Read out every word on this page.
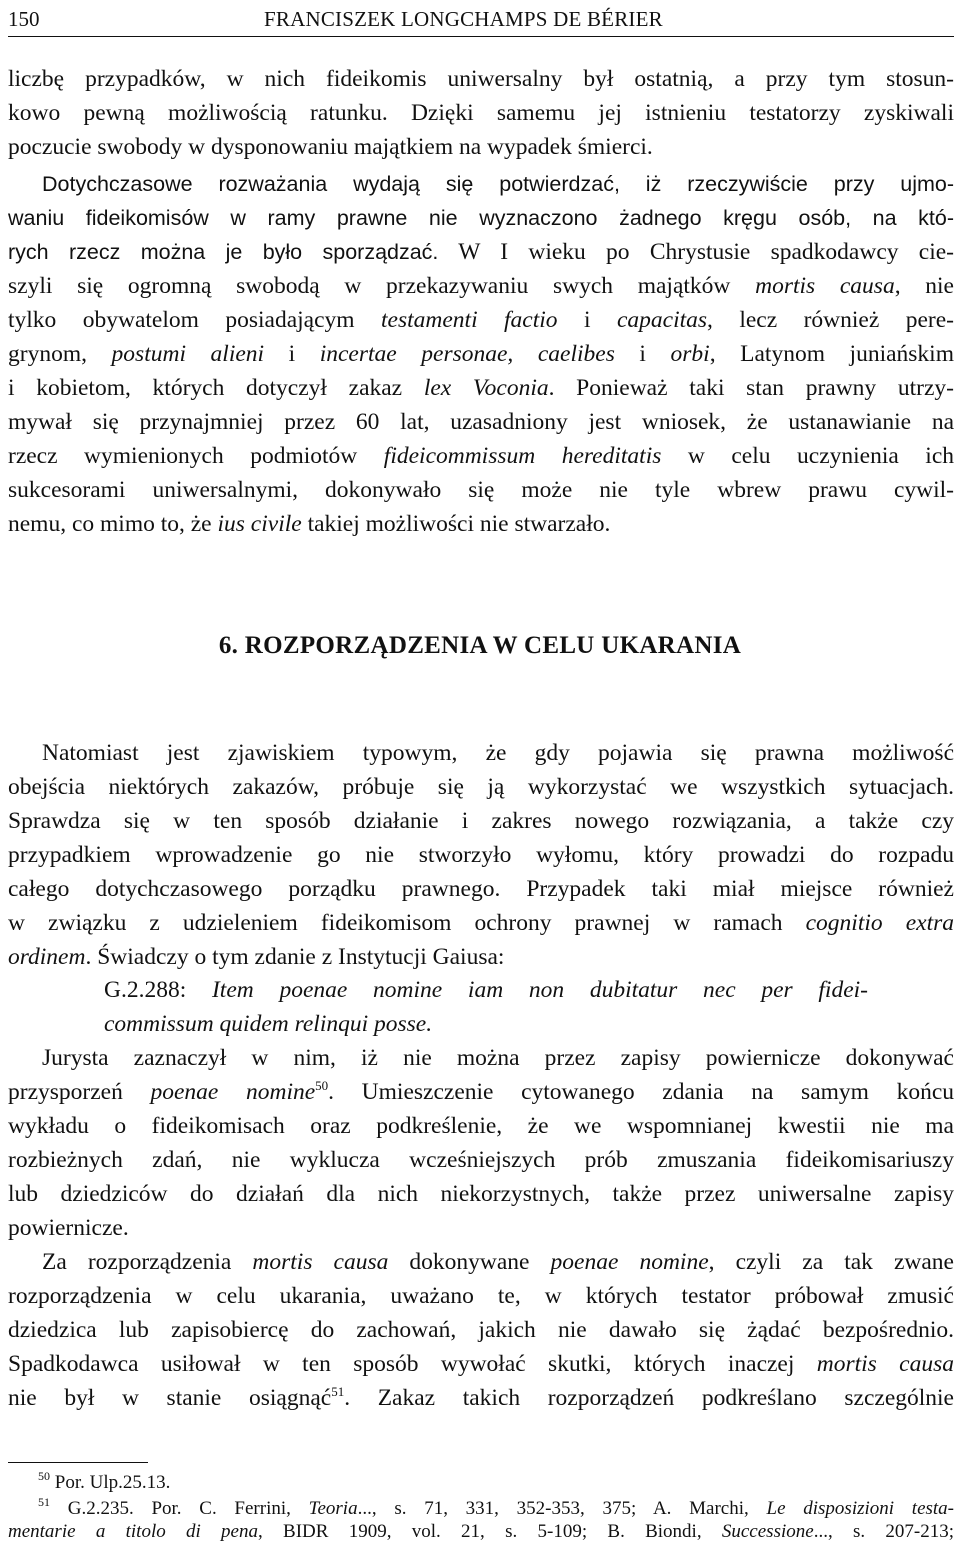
150	FRANCISZEK LONGCHAMPS DE BÉRIER
liczbę przypadków, w nich fideikomis uniwersalny był ostatnią, a przy tym stosun-
kowo pewną możliwością ratunku. Dzięki samemu jej istnieniu testatorzy zyskiwali
poczucie swobody w dysponowaniu majątkiem na wypadek śmierci.
Dotychczasowe rozważania wydają się potwierdzać, iż rzeczywiście przy ujmo-
waniu fideikomisów w ramy prawne nie wyznaczono żadnego kręgu osób, na któ-
rych rzecz można je było sporządzać. W I wieku po Chrystusie spadkodawcy cie-
szyli się ogromną swobodą w przekazywaniu swych majątków mortis causa, nie
tylko obywatelom posiadającym testamenti factio i capacitas, lecz również pere-
grynom, postumi alieni i incertae personae, caelibes i orbi, Latynom juniańskim
i kobietom, których dotyczył zakaz lex Voconia. Ponieważ taki stan prawny utrzy-
mywał się przynajmniej przez 60 lat, uzasadniony jest wniosek, że ustanawianie na
rzecz wymienionych podmiotów fideicommissum hereditatis w celu uczynienia ich
sukcesorami uniwersalnymi, dokonywało się może nie tyle wbrew prawu cywil-
nemu, co mimo to, że ius civile takiej możliwości nie stwarzało.
6. ROZPORZĄDZENIA W CELU UKARANIA
Natomiast jest zjawiskiem typowym, że gdy pojawia się prawna możliwość
obejścia niektórych zakazów, próbuje się ją wykorzystać we wszystkich sytuacjach.
Sprawdza się w ten sposób działanie i zakres nowego rozwiązania, a także czy
przypadkiem wprowadzenie go nie stworzyło wyłomu, który prowadzi do rozpadu
całego dotychczasowego porządku prawnego. Przypadek taki miał miejsce również
w związku z udzieleniem fideikomisom ochrony prawnej w ramach cognitio extra
ordinem. Świadczy o tym zdanie z Instytucji Gaiusa:
G.2.288: Item poenae nomine iam non dubitatur nec per fidei-
commissum quidem relinqui posse.
Jurysta zaznaczył w nim, iż nie można przez zapisy powiernicze dokonywać
przysporzeń poenae nomine$^{50}$. Umieszczenie cytowanego zdania na samym końcu
wykładu o fideikomisach oraz podkreślenie, że we wspomnianej kwestii nie ma
rozbieżnych zdań, nie wyklucza wcześniejszych prób zmuszania fideikomisariuszy
lub dziedziców do działań dla nich niekorzystnych, także przez uniwersalne zapisy
powiernicze.
Za rozporządzenia mortis causa dokonywane poenae nomine, czyli za tak zwane
rozporządzenia w celu ukarania, uważano te, w których testator próbował zmusić
dziedzica lub zapisobiercę do zachowań, jakich nie dawało się żądać bezpośrednio.
Spadkodawca usiłował w ten sposób wywołać skutki, których inaczej mortis causa
nie był w stanie osiągnąć$^{51}$. Zakaz takich rozporządzeń podkreślano szczególnie
$^{50}$ Por. Ulp.25.13.
$^{51}$ G.2.235. Por. C. Ferrini, Teoria..., s. 71, 331, 352-353, 375; A. Marchi, Le disposizioni testa-
mentarie a titolo di pena, BIDR 1909, vol. 21, s. 5-109; B. Biondi, Successione..., s. 207-213;
